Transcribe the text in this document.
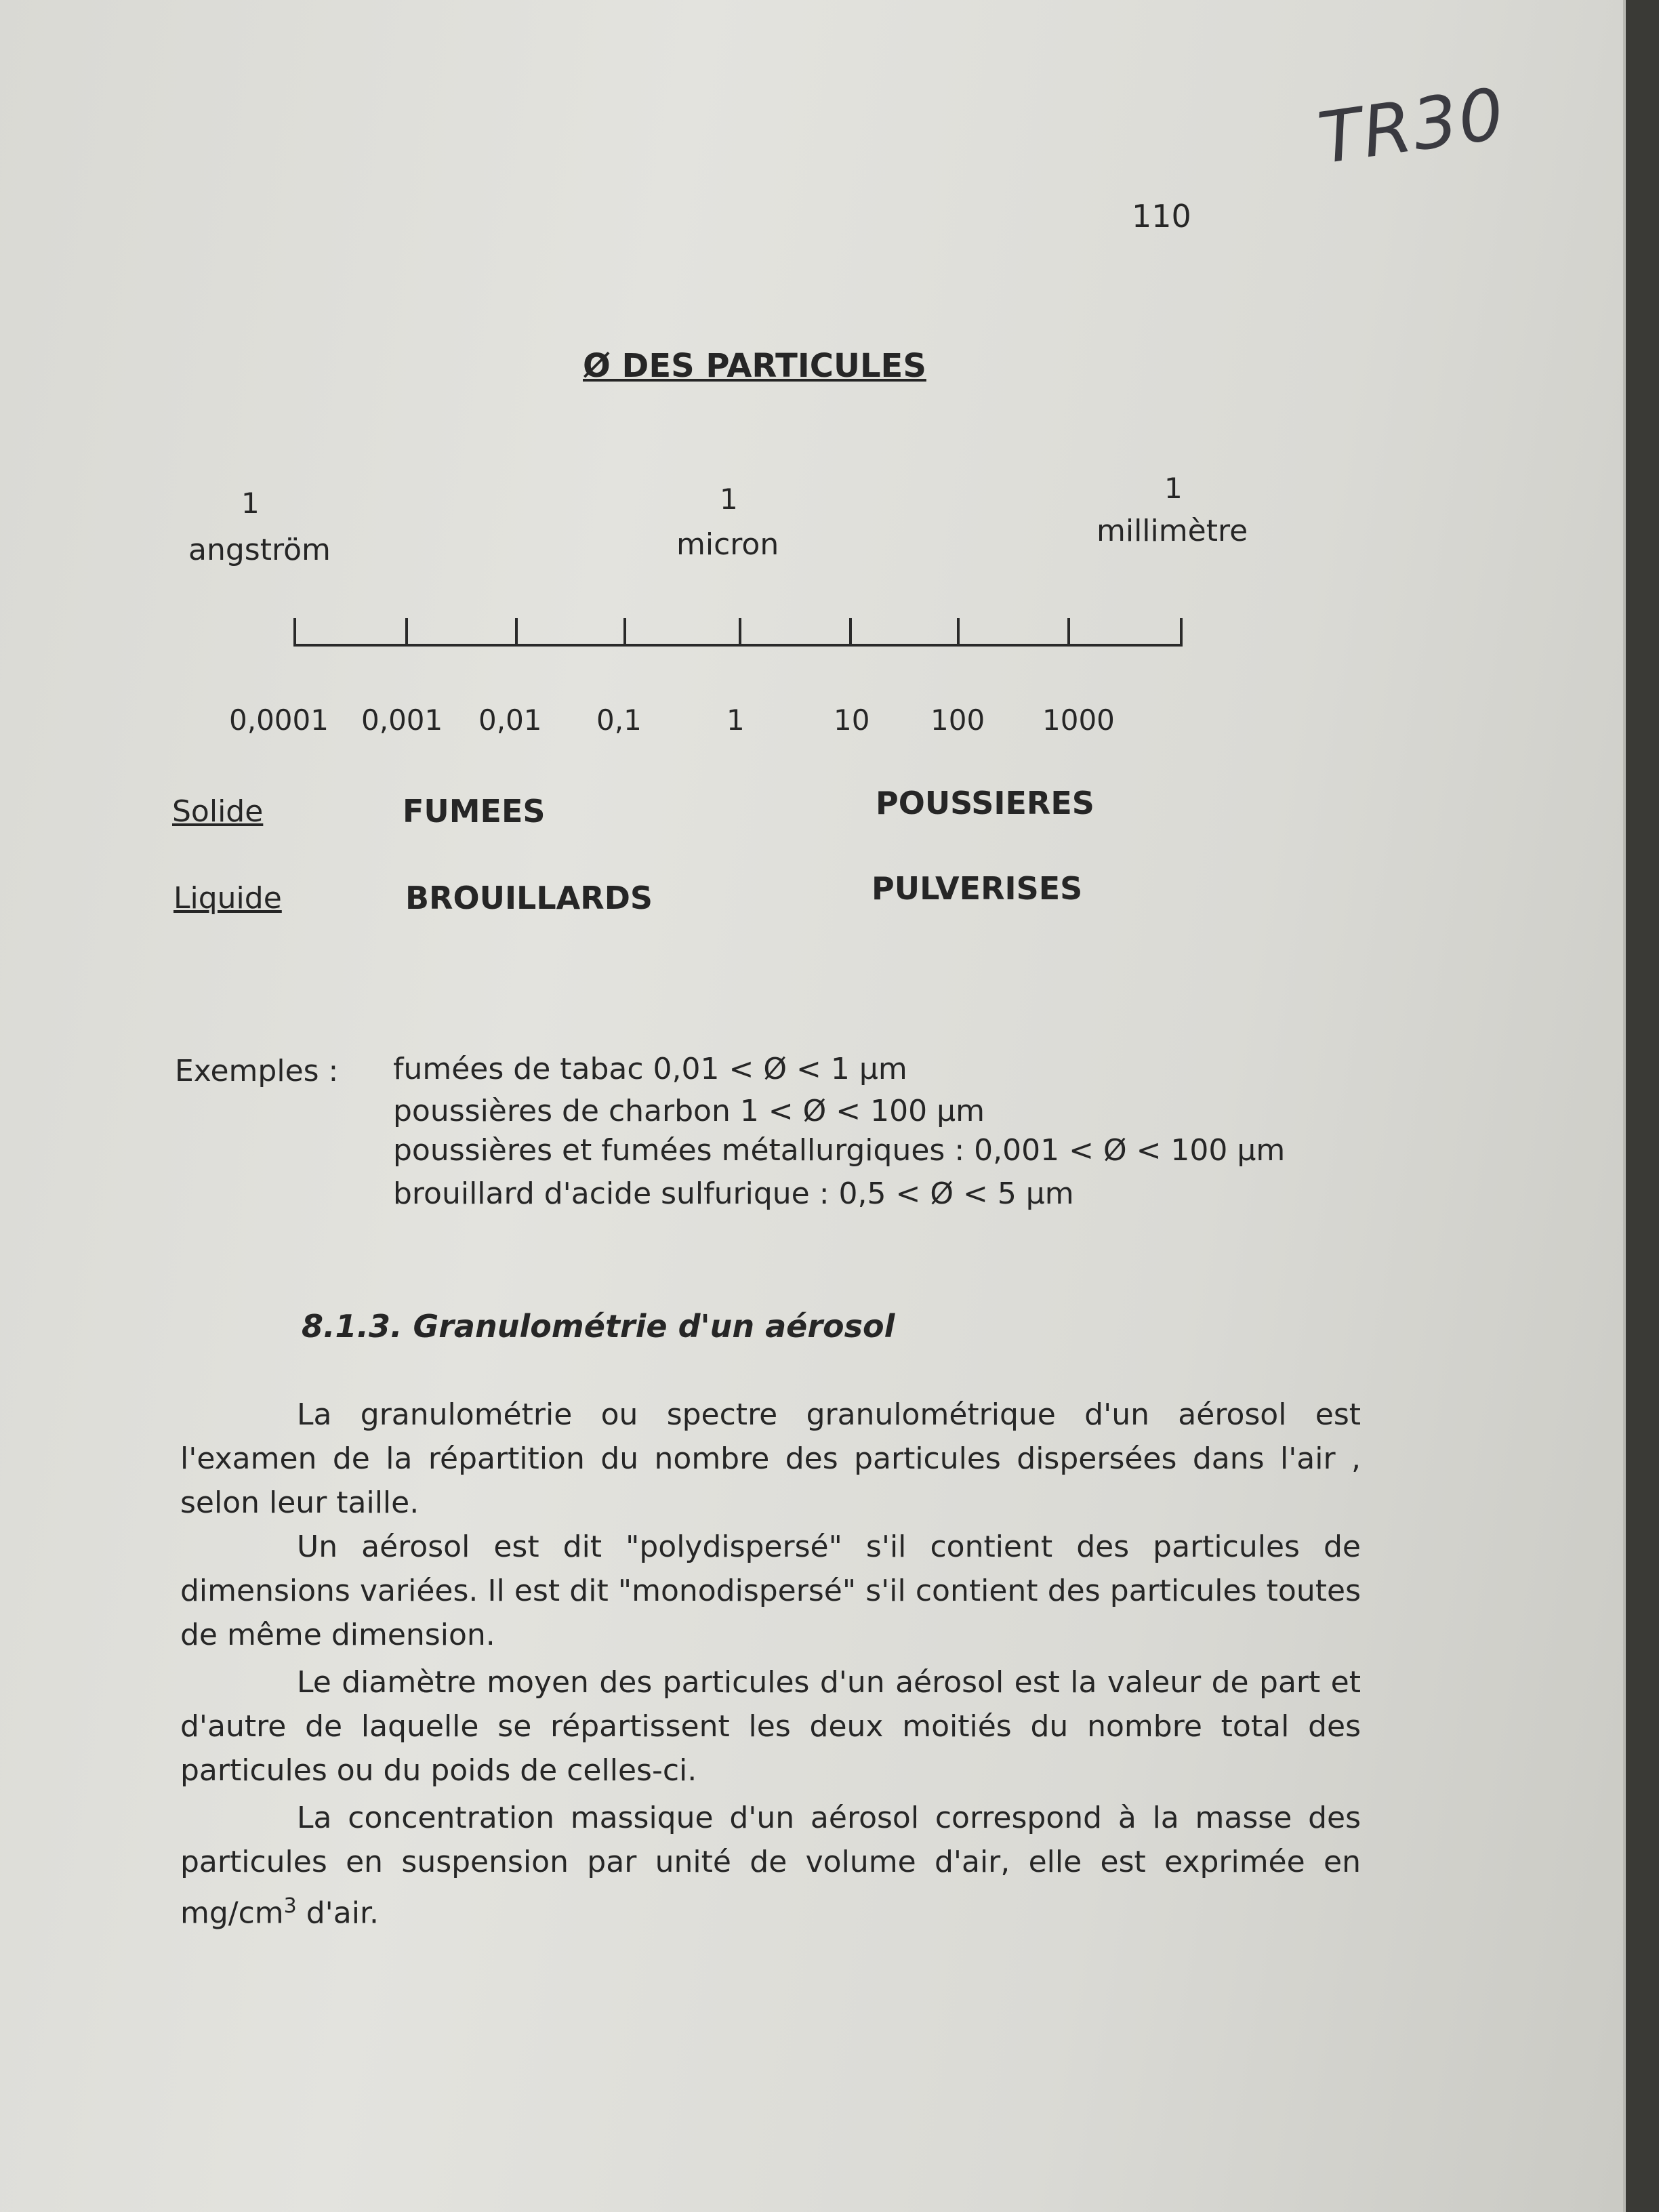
TR30
110
Ø DES PARTICULES
1
angström
1
micron
1
millimètre
0,0001 0,001 0,01 0,1	1	10 100 1000
Solide	FUMEES	POUSSIERES
Liquide	BROUILLARDS	PULVERISES
Exemples : fumées de tabac 0,01 < Ø < 1 µm
poussières de charbon 1 < Ø < 100 µm
poussières et fumées métallurgiques : 0,001 < Ø < 100 µm
brouillard d'acide sulfurique : 0,5 < Ø < 5 µm
8.1.3. Granulométrie d'un aérosol

La granulométrie ou spectre granulométrique d'un aérosol est l'examen de la répartition du nombre des particules dispersées dans l'air , selon leur taille.

Un aérosol est dit "polydispersé" s'il contient des particules de dimensions variées. Il est dit "monodispersé" s'il contient des particules toutes de même dimension.

Le diamètre moyen des particules d'un aérosol est la valeur de part et d'autre de laquelle se répartissent les deux moitiés du nombre total des particules ou du poids de celles-ci.

La concentration massique d'un aérosol correspond à la masse des particules en suspension par unité de volume d'air, elle est exprimée en $mg/cm^3$ d'air.
